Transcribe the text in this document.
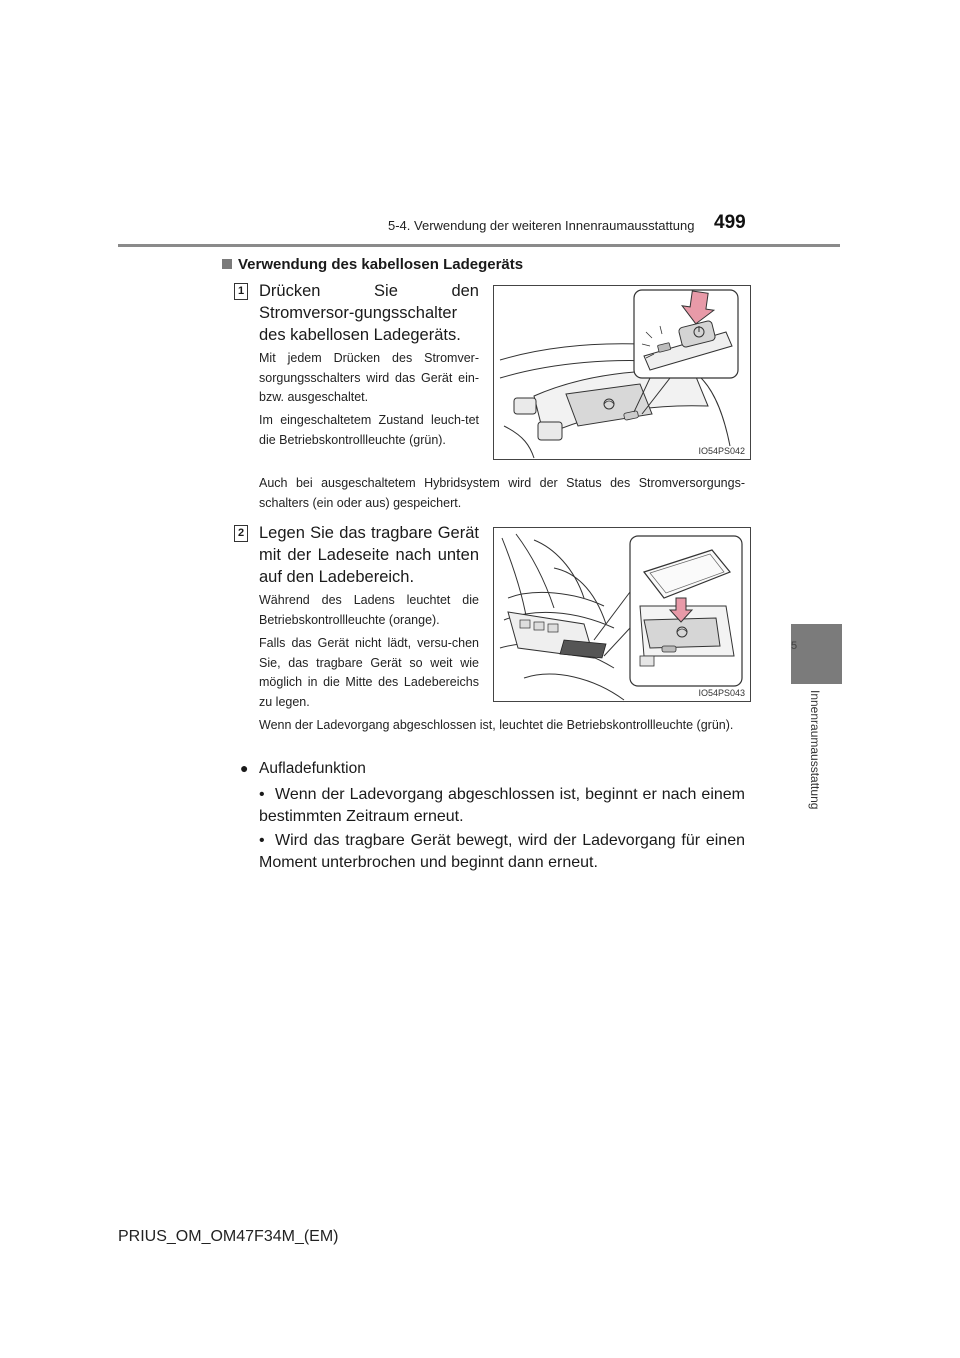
5-4. Verwendung der weiteren Innenraumausstattung 499
5
Innenraumausstattung
Verwendung des kabellosen Ladegeräts
1 Drücken Sie den Stromversor-gungsschalter des kabellosen Ladegeräts.
Mit jedem Drücken des Stromver-sorgungsschalters wird das Gerät ein- bzw. ausgeschaltet.
Im eingeschaltetem Zustand leuch-tet die Betriebskontrollleuchte (grün).
Auch bei ausgeschaltetem Hybridsystem wird der Status des Stromversorgungs-schalters (ein oder aus) gespeichert.
IO54PS042
2 Legen Sie das tragbare Gerät mit der Ladeseite nach unten auf den Ladebereich.
Während des Ladens leuchtet die Betriebskontrollleuchte (orange).
Falls das Gerät nicht lädt, versu-chen Sie, das tragbare Gerät so weit wie möglich in die Mitte des Ladebereichs zu legen.
Wenn der Ladevorgang abgeschlossen ist, leuchtet die Betriebskontrollleuchte (grün).
IO54PS043
● Aufladefunktion
• Wenn der Ladevorgang abgeschlossen ist, beginnt er nach einem bestimmten Zeitraum erneut.
• Wird das tragbare Gerät bewegt, wird der Ladevorgang für einen Moment unterbrochen und beginnt dann erneut.
PRIUS_OM_OM47F34M_(EM)
